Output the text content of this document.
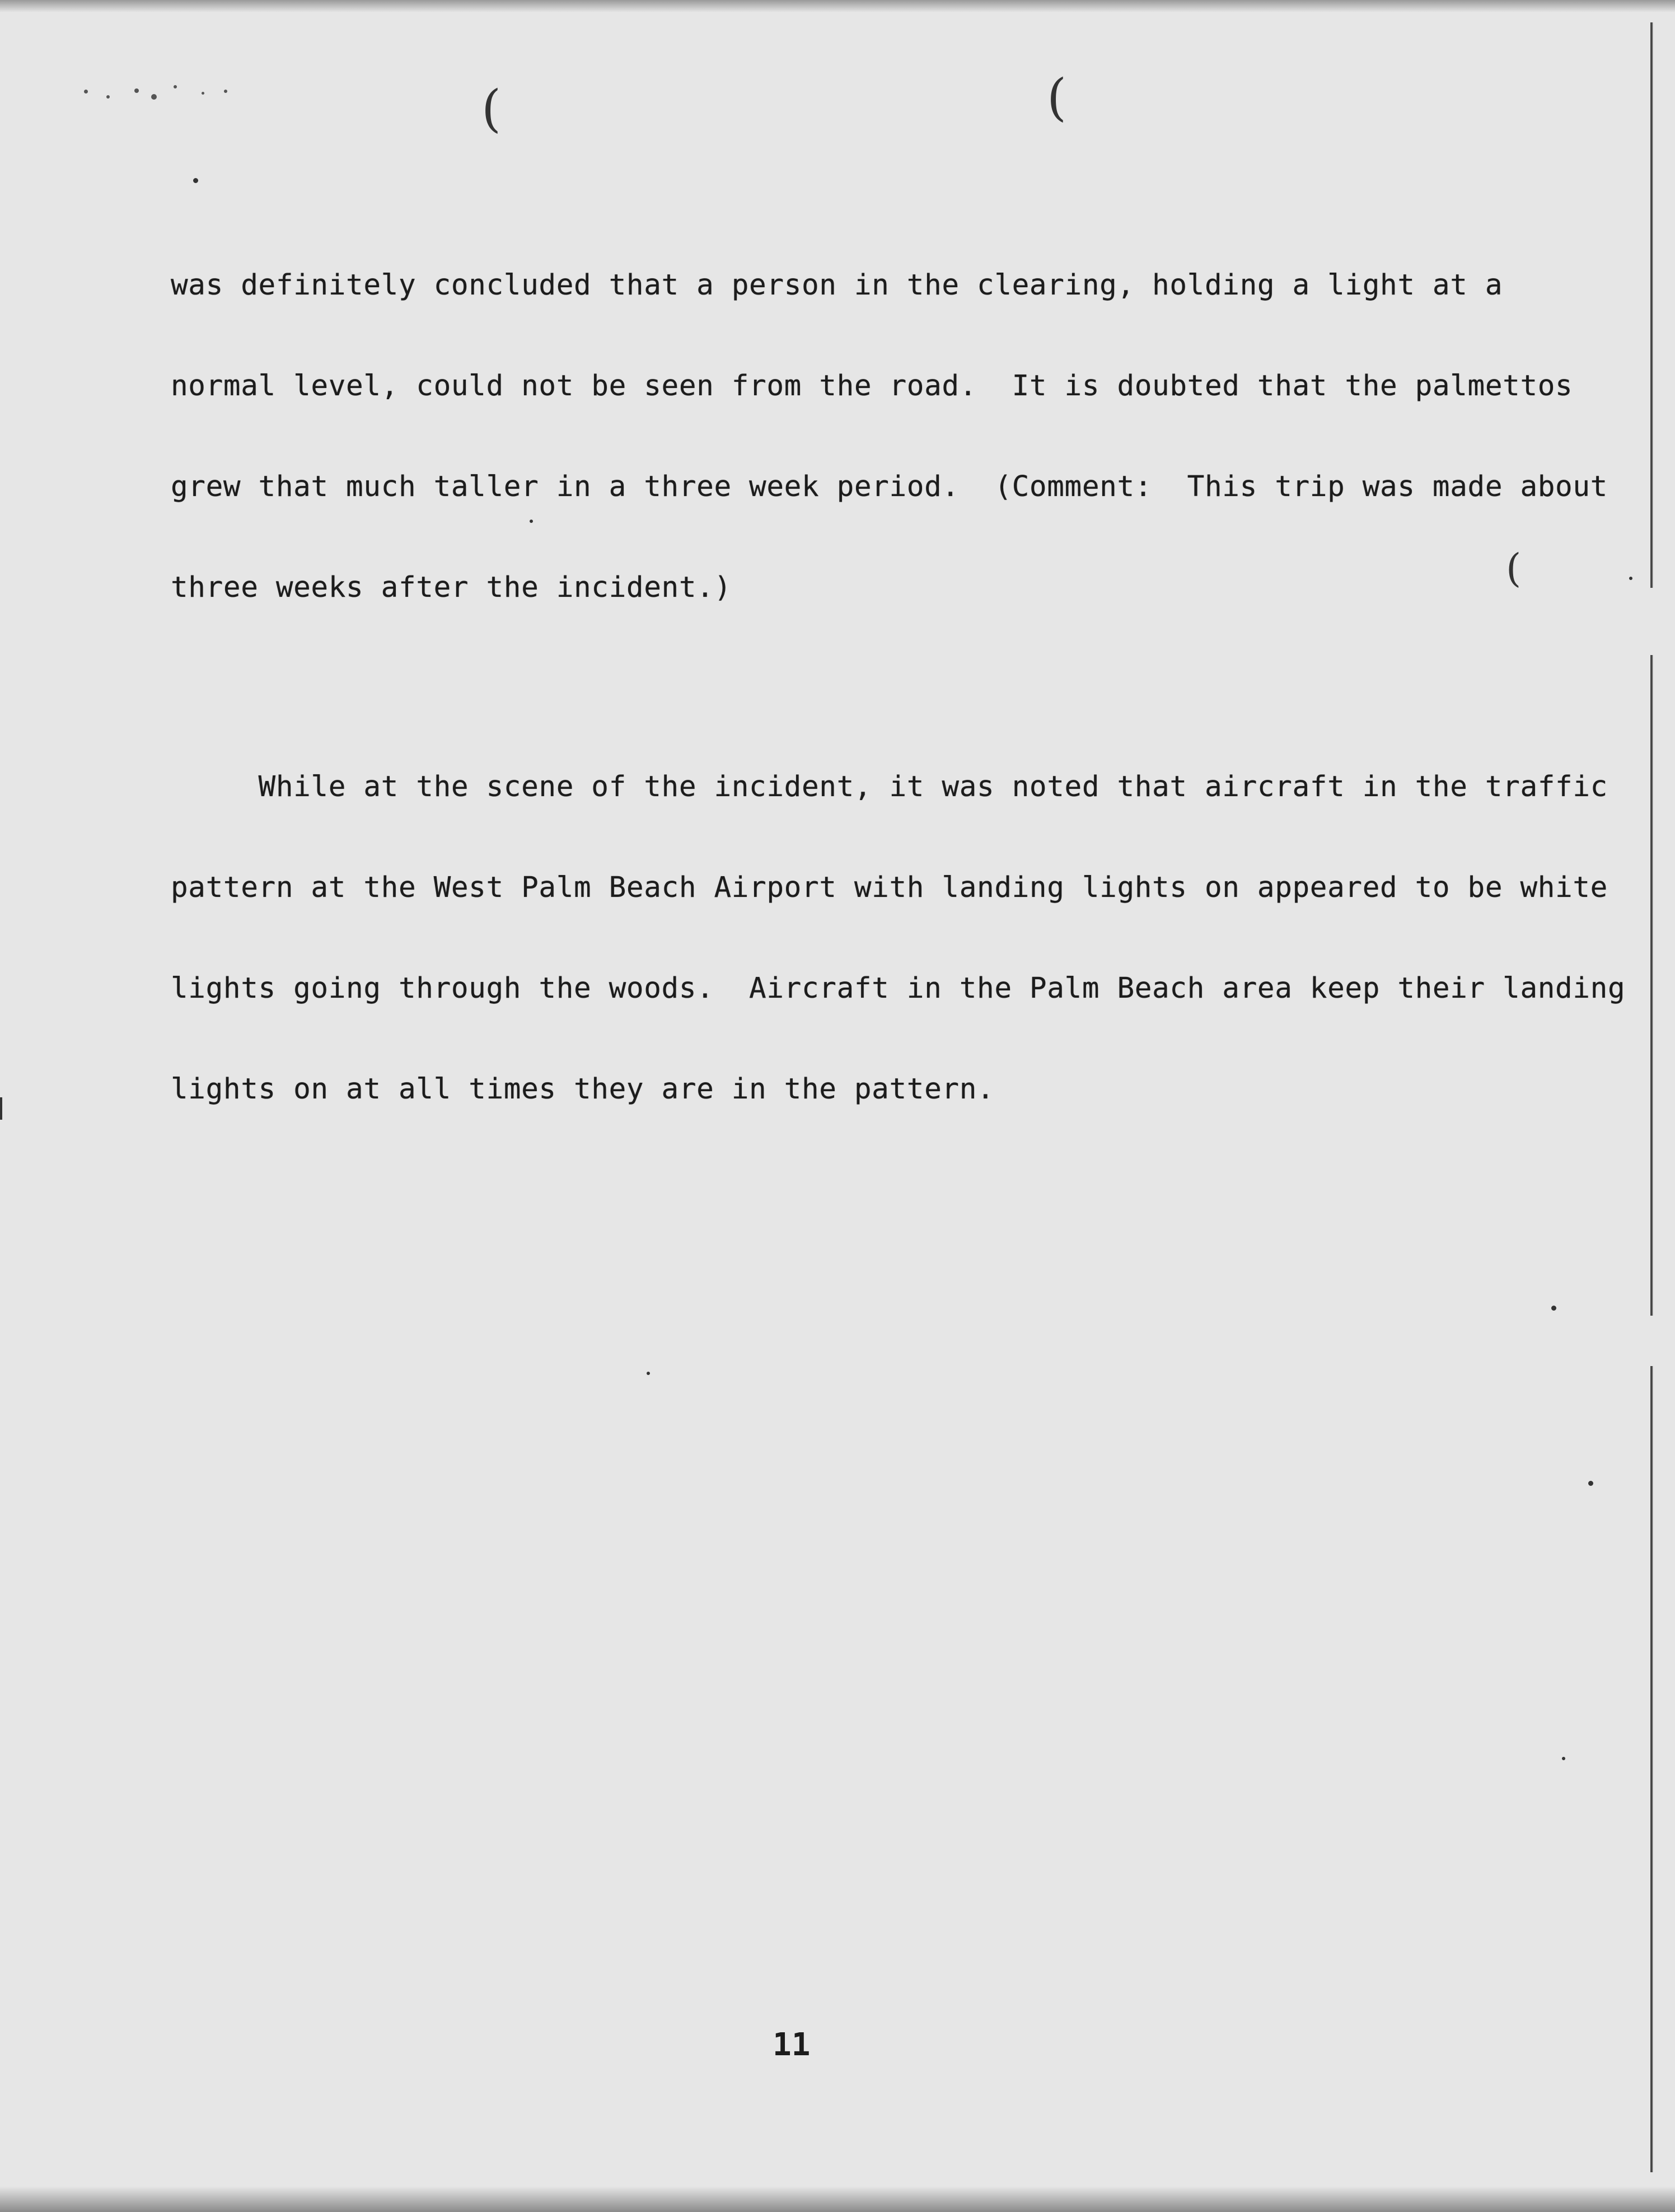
(	(
(

was definitely concluded that a person in the clearing, holding a light at a

normal level, could not be seen from the road.  It is doubted that the palmettos

grew that much taller in a three week period.  (Comment:  This trip was made about

three weeks after the incident.)

While at the scene of the incident, it was noted that aircraft in the traffic

pattern at the West Palm Beach Airport with landing lights on appeared to be white

lights going through the woods.  Aircraft in the Palm Beach area keep their landing

lights on at all times they are in the pattern.

11
